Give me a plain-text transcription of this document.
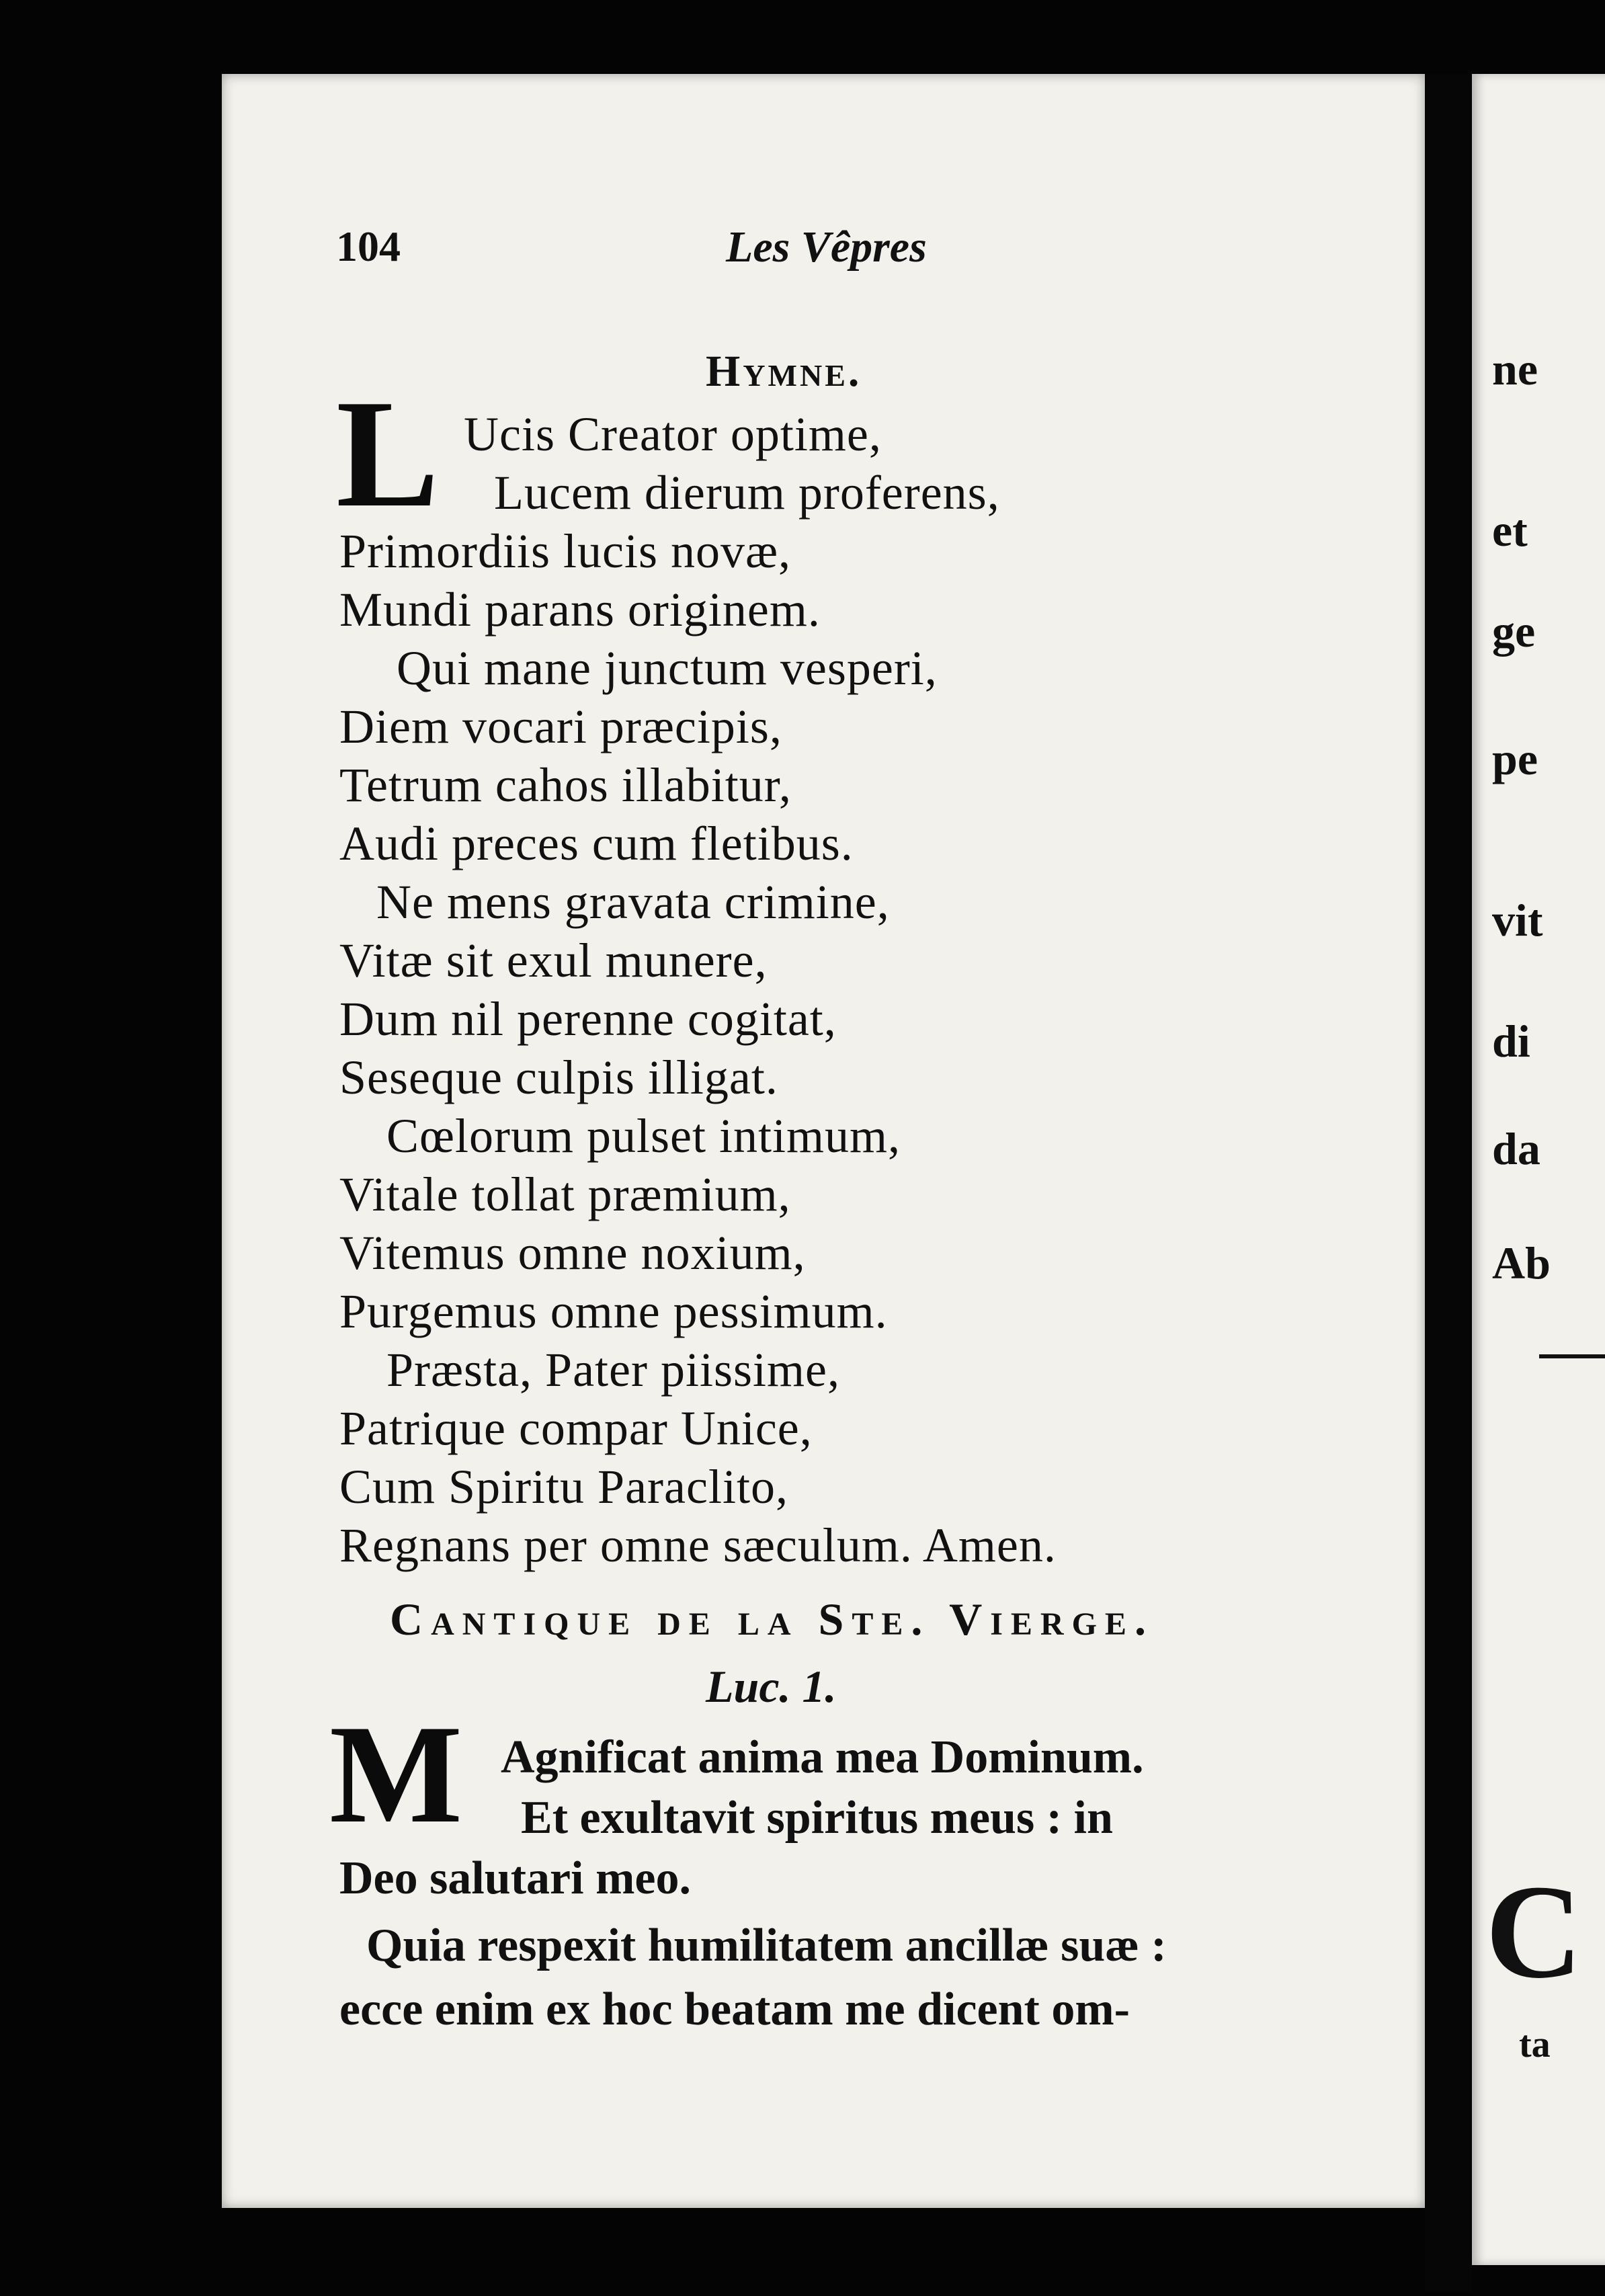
ne
et
ge
pe
vit
di
da
Ab
C
ta
104	Les Vêpres
Hymne.
L Ucis Creator optime,
Lucem dierum proferens,
Primordiis lucis novæ,
Mundi parans originem.
Qui mane junctum vesperi,
Diem vocari præcipis,
Tetrum cahos illabitur,
Audi preces cum fletibus.
Ne mens gravata crimine,
Vitæ sit exul munere,
Dum nil perenne cogitat,
Seseque culpis illigat.
Cœlorum pulset intimum,
Vitale tollat præmium,
Vitemus omne noxium,
Purgemus omne pessimum.
Præsta, Pater piissime,
Patrique compar Unice,
Cum Spiritu Paraclito,
Regnans per omne sæculum. Amen.
Cantique de la Ste. Vierge.
Luc. 1.
M Agnificat anima mea Dominum.
Et exultavit spiritus meus : in
Deo salutari meo.
Quia respexit humilitatem ancillæ suæ :
ecce enim ex hoc beatam me dicent om-
